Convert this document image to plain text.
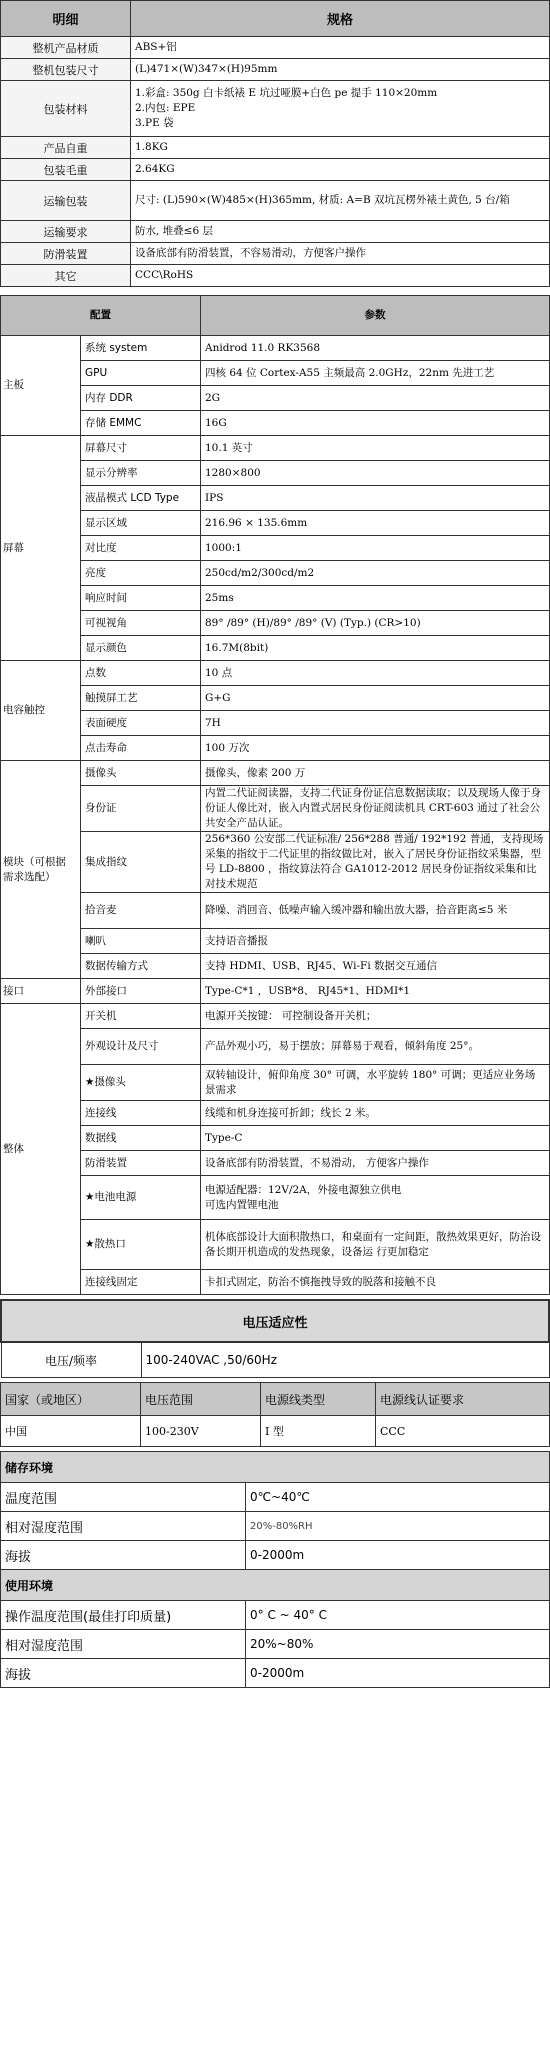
明细	规格
整机产品材质	ABS+铝
整机包装尺寸	(L)471×(W)347×(H)95mm
包装材料	1.彩盒: 350g 白卡纸裱 E 坑过哑膜+白色 pe 提手 110×20mm
2.内包: EPE
3.PE 袋
产品自重	1.8KG
包装毛重	2.64KG
运输包装	尺寸: (L)590×(W)485×(H)365mm, 材质: A=B 双坑瓦楞外裱土黄色, 5 台/箱
运输要求	防水, 堆叠≤6 层
防滑装置	设备底部有防滑装置，不容易滑动，方便客户操作
其它	CCC\RoHS
配置		参数
主板	系统 system	Anidrod 11.0 RK3568
	GPU	四核 64 位 Cortex-A55 主频最高 2.0GHz，22nm 先进工艺
	内存 DDR	2G
	存储 EMMC	16G
屏幕	屏幕尺寸	10.1 英寸
	显示分辨率	1280×800
	液晶模式 LCD Type	IPS
	显示区域	216.96 × 135.6mm
	对比度	1000:1
	亮度	250cd/m2/300cd/m2
	响应时间	25ms
	可视视角	89° /89° (H)/89° /89° (V) (Typ.) (CR>10)
	显示颜色	16.7M(8bit)
电容触控	点数	10 点
	触摸屏工艺	G+G
	表面硬度	7H
	点击寿命	100 万次
模块（可根据需求选配）	摄像头	摄像头，像素 200 万
	身份证	内置二代证阅读器，支持二代证身份证信息数据读取；以及现场人像于身份证人像比对，嵌入内置式居民身份证阅读机具 CRT-603 通过了社会公共安全产品认证。
	集成指纹	256*360 公安部二代证标准/ 256*288 普通/ 192*192 普通，支持现场采集的指纹于二代证里的指纹做比对，嵌入了居民身份证指纹采集器，型号 LD-8800 ，指纹算法符合 GA1012-2012 居民身份证指纹采集和比对技术规范
	拾音麦	降噪、消回音、低噪声输入缓冲器和输出放大器，拾音距离≤5 米
	喇叭	支持语音播报
	数据传输方式	支持 HDMI、USB、RJ45、Wi-Fi 数据交互通信
接口	外部接口	Type-C*1 ，USB*8、 RJ45*1、HDMI*1
整体	开关机	电源开关按键： 可控制设备开关机；
	外观设计及尺寸	产品外观小巧，易于摆放；屏幕易于观看，倾斜角度 25°。
	★摄像头	双转轴设计，俯仰角度 30° 可调，水平旋转 180° 可调；更适应业务场景需求
	连接线	线缆和机身连接可折卸；线长 2 米。
	数据线	Type-C
	防滑装置	设备底部有防滑装置，不易滑动， 方便客户操作
	★电池电源	电源适配器：12V/2A，外接电源独立供电
可选内置锂电池
	★散热口	机体底部设计大面积散热口，和桌面有一定间距，散热效果更好，防治设备长期开机造成的发热现象，设备运 行更加稳定
	连接线固定	卡扣式固定，防治不慎拖拽导致的脱落和接触不良
电压适应性
电压/频率	100-240VAC ,50/60Hz
国家（或地区）	电压范围	电源线类型	电源线认证要求
中国	100-230V	I 型	CCC
储存环境	
温度范围	0℃~40℃
相对湿度范围	20%-80%RH
海拔	0-2000m
使用环境	
操作温度范围(最佳打印质量)	0° C ~ 40° C
相对湿度范围	20%~80%
海拔	0-2000m
